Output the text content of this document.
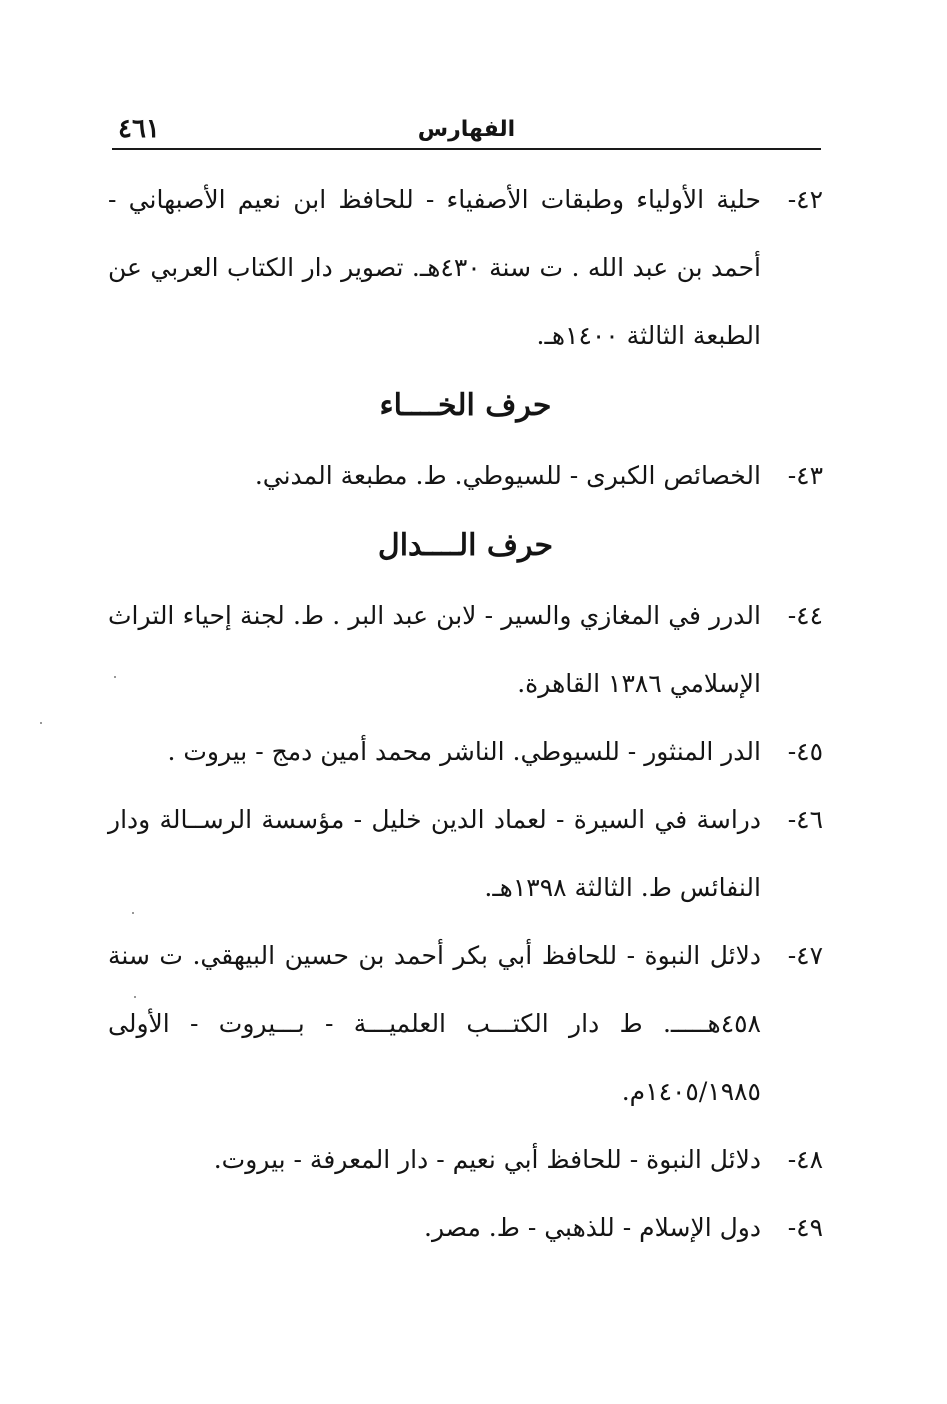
الفهارس
٤٦١
٤٢-
حلية الأولياء وطبقات الأصفياء - للحافظ ابن نعيم الأصبهاني - أحمد بن عبد الله . ت سنة ٤٣٠هـ. تصوير دار الكتاب العربي عن الطبعة الثالثة ١٤٠٠هـ.
حرف الخــــاء
٤٣-
الخصائص الكبرى - للسيوطي. ط. مطبعة المدني.
حرف الــــدال
٤٤-
الدرر في المغازي والسير - لابن عبد البر . ط. لجنة إحياء التراث الإسلامي ١٣٨٦ القاهرة.
٤٥-
الدر المنثور - للسيوطي. الناشر محمد أمين دمج - بيروت .
٤٦-
دراسة في السيرة - لعماد الدين خليل - مؤسسة الرســالة ودار النفائس ط. الثالثة ١٣٩٨هـ.
٤٧-
دلائل النبوة - للحافظ أبي بكر أحمد بن حسين البيهقي. ت سنة ٤٥٨هـــــ. ط دار الكتـــب العلميـــة - بـــيروت - الأولى ١٤٠٥/١٩٨٥م.
٤٨-
دلائل النبوة - للحافظ أبي نعيم - دار المعرفة - بيروت.
٤٩-
دول الإسلام - للذهبي - ط. مصر.
